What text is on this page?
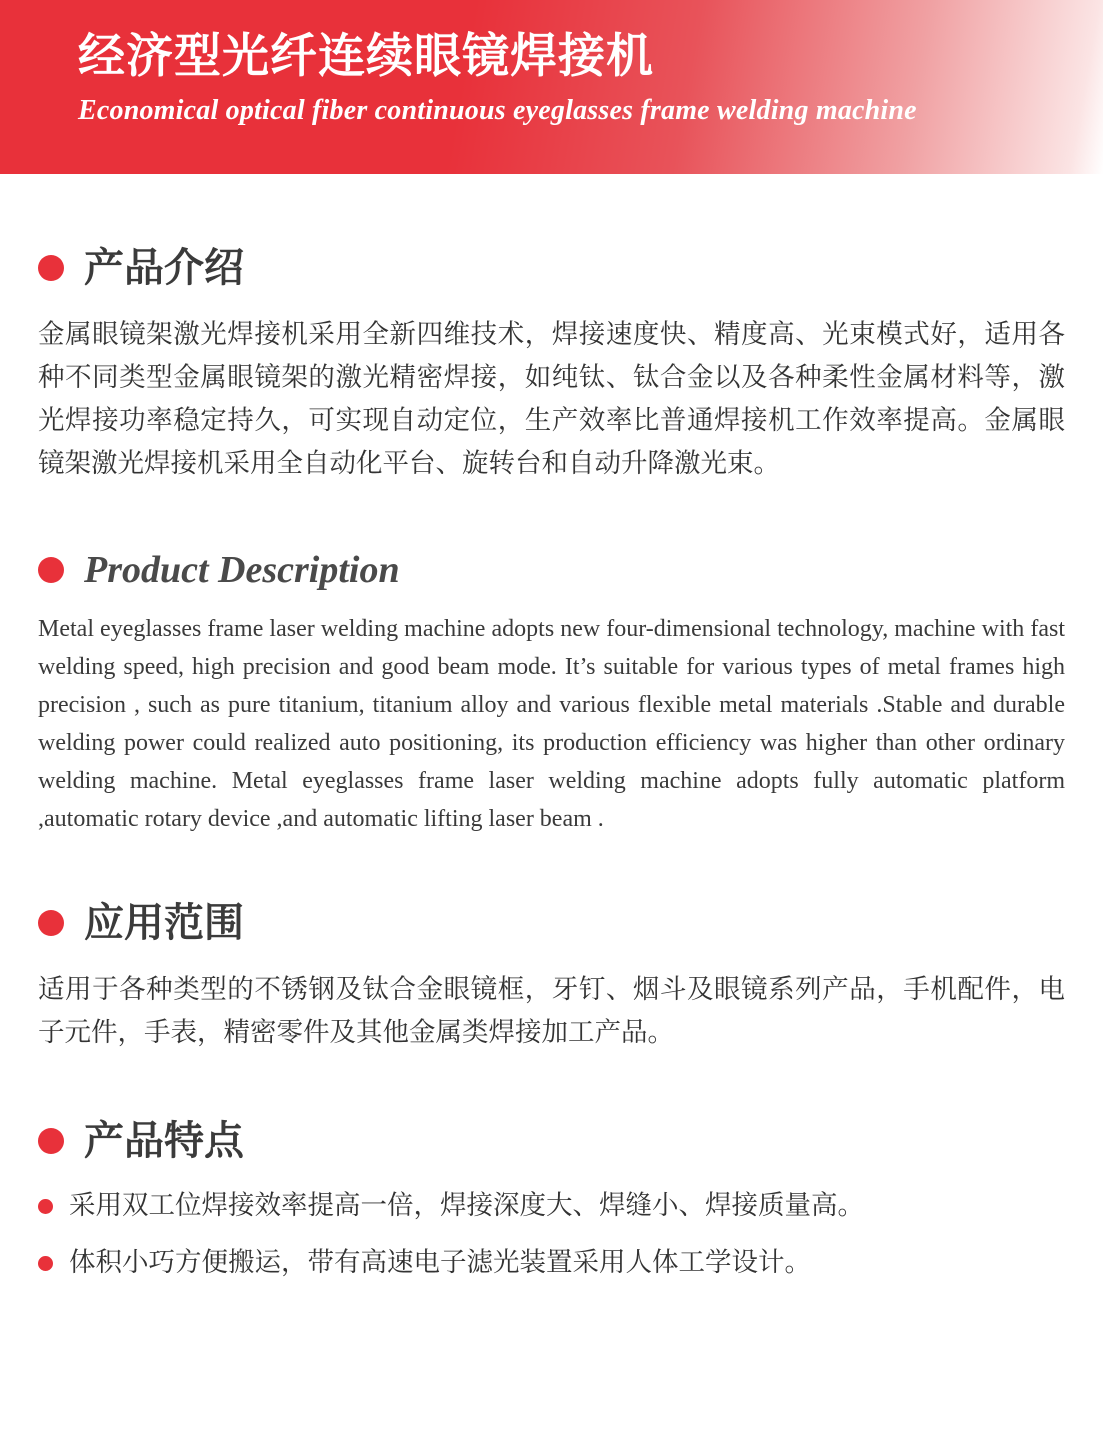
经济型光纤连续眼镜焊接机
Economical optical fiber continuous eyeglasses frame welding machine
产品介绍

金属眼镜架激光焊接机采用全新四维技术，焊接速度快、精度高、光束模式好，适用各种不同类型金属眼镜架的激光精密焊接，如纯钛、钛合金以及各种柔性金属材料等，激光焊接功率稳定持久，可实现自动定位，生产效率比普通焊接机工作效率提高。金属眼镜架激光焊接机采用全自动化平台、旋转台和自动升降激光束。

Product Description

Metal eyeglasses frame laser welding machine adopts new four-dimensional technology, machine with fast welding speed, high precision and good beam mode. It’s suitable for various types of metal frames high precision , such as pure titanium, titanium alloy and various flexible metal materials .Stable and durable welding power could realized auto positioning, its production efficiency was higher than other ordinary welding machine. Metal eyeglasses frame laser welding machine adopts fully automatic platform ,automatic rotary device ,and automatic lifting laser beam .

应用范围

适用于各种类型的不锈钢及钛合金眼镜框，牙钉、烟斗及眼镜系列产品，手机配件，电子元件，手表，精密零件及其他金属类焊接加工产品。

产品特点
采用双工位焊接效率提高一倍，焊接深度大、焊缝小、焊接质量高。
体积小巧方便搬运，带有高速电子滤光装置采用人体工学设计。
